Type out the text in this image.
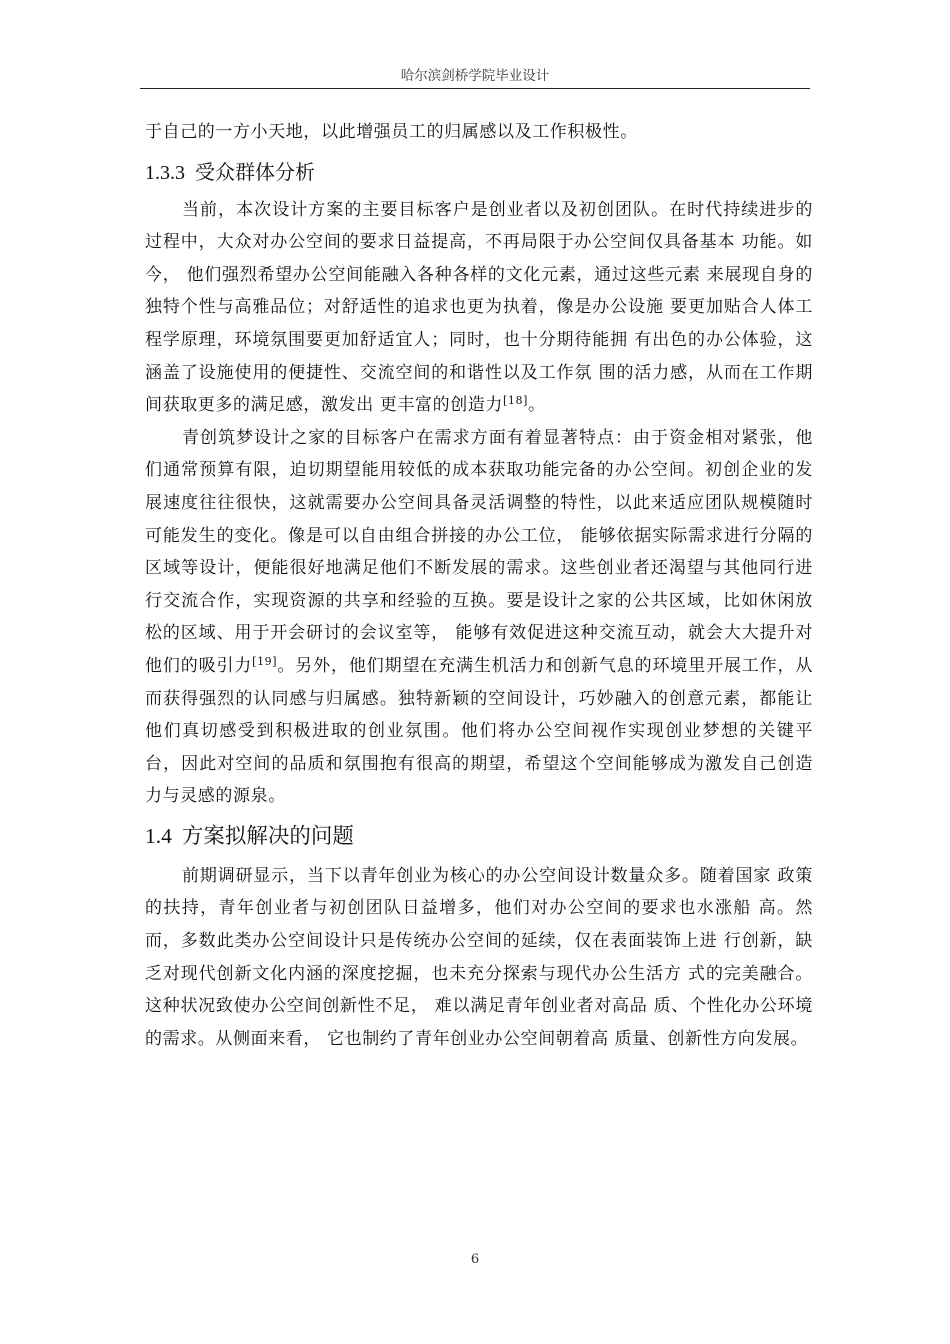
哈尔滨剑桥学院毕业设计

于自己的一方小天地，以此增强员工的归属感以及工作积极性。

1.3.3 受众群体分析

当前，本次设计方案的主要目标客户是创业者以及初创团队。在时代持续进步的过程中，大众对办公空间的要求日益提高，不再局限于办公空间仅具备基本 功能。如今， 他们强烈希望办公空间能融入各种各样的文化元素，通过这些元素 来展现自身的独特个性与高雅品位；对舒适性的追求也更为执着，像是办公设施 要更加贴合人体工程学原理，环境氛围要更加舒适宜人；同时，也十分期待能拥 有出色的办公体验，这涵盖了设施使用的便捷性、交流空间的和谐性以及工作氛 围的活力感，从而在工作期间获取更多的满足感，激发出 更丰富的创造力[18]。

青创筑梦设计之家的目标客户在需求方面有着显著特点：由于资金相对紧张，他们通常预算有限，迫切期望能用较低的成本获取功能完备的办公空间。初创企业的发展速度往往很快，这就需要办公空间具备灵活调整的特性，以此来适应团队规模随时可能发生的变化。像是可以自由组合拼接的办公工位， 能够依据实际需求进行分隔的区域等设计，便能很好地满足他们不断发展的需求。这些创业者还渴望与其他同行进行交流合作，实现资源的共享和经验的互换。要是设计之家的公共区域，比如休闲放松的区域、用于开会研讨的会议室等， 能够有效促进这种交流互动，就会大大提升对他们的吸引力[19]。另外，他们期望在充满生机活力和创新气息的环境里开展工作，从而获得强烈的认同感与归属感。独特新颖的空间设计，巧妙融入的创意元素，都能让他们真切感受到积极进取的创业氛围。他们将办公空间视作实现创业梦想的关键平台，因此对空间的品质和氛围抱有很高的期望，希望这个空间能够成为激发自己创造力与灵感的源泉。

1.4 方案拟解决的问题

前期调研显示，当下以青年创业为核心的办公空间设计数量众多。随着国家 政策的扶持，青年创业者与初创团队日益增多，他们对办公空间的要求也水涨船 高。然而，多数此类办公空间设计只是传统办公空间的延续，仅在表面装饰上进 行创新，缺乏对现代创新文化内涵的深度挖掘，也未充分探索与现代办公生活方 式的完美融合。这种状况致使办公空间创新性不足， 难以满足青年创业者对高品 质、个性化办公环境的需求。从侧面来看， 它也制约了青年创业办公空间朝着高 质量、创新性方向发展。

6
